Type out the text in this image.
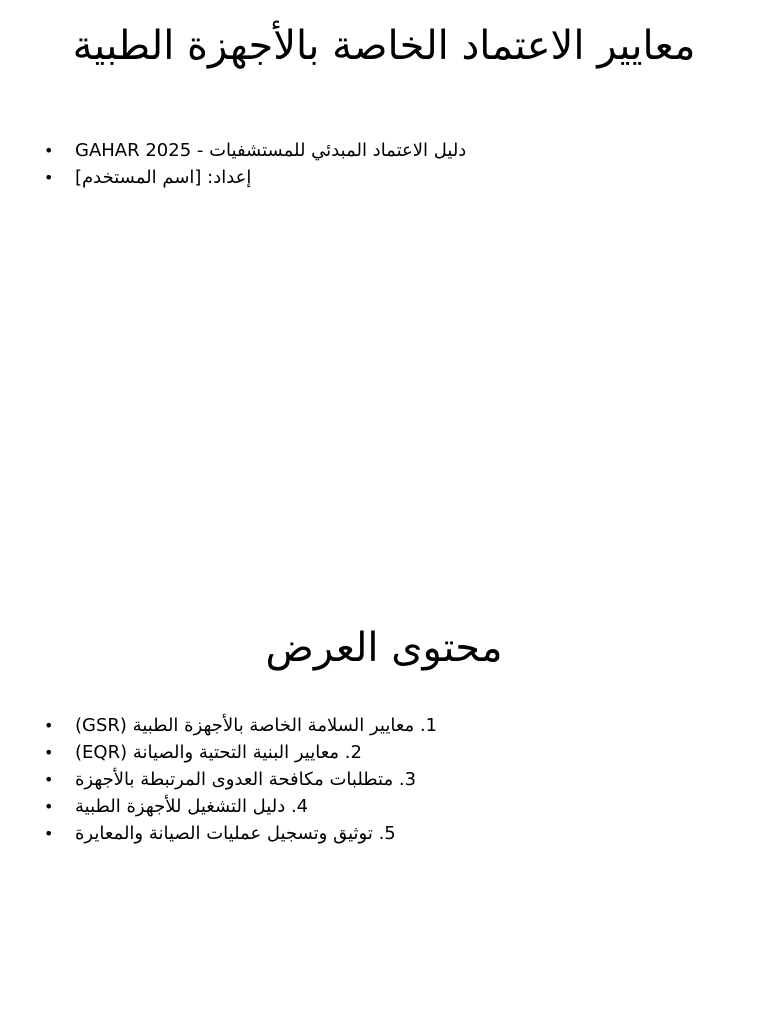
معايير الاعتماد الخاصة بالأجهزة الطبية
• دليل الاعتماد المبدئي للمستشفيات - GAHAR 2025
• إعداد: [اسم المستخدم]
محتوى العرض
• 1. معايير السلامة الخاصة بالأجهزة الطبية (GSR)
• 2. معايير البنية التحتية والصيانة (EQR)
• 3. متطلبات مكافحة العدوى المرتبطة بالأجهزة
• 4. دليل التشغيل للأجهزة الطبية
• 5. توثيق وتسجيل عمليات الصيانة والمعايرة
